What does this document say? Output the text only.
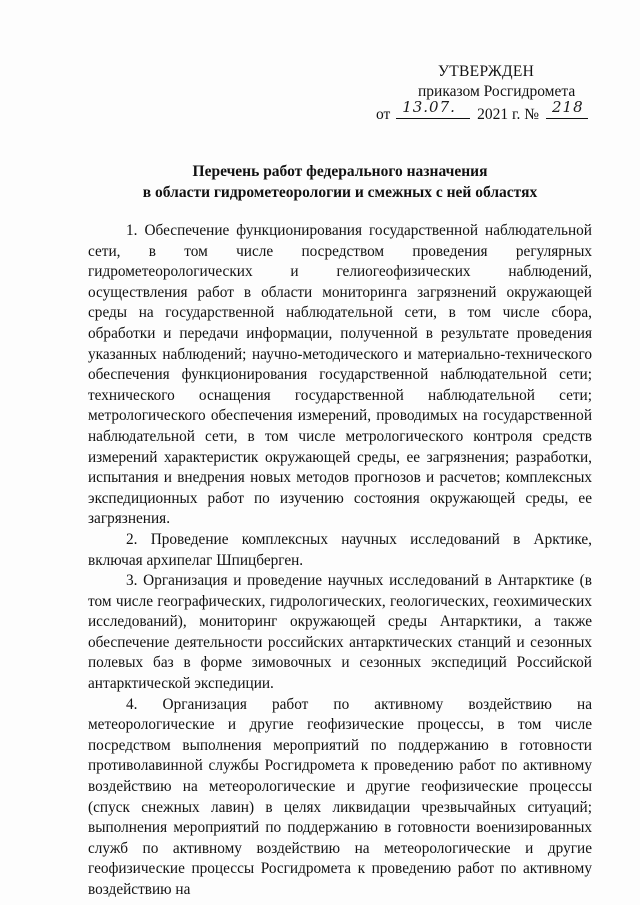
УТВЕРЖДЕН
приказом Росгидромета
от 13.07. 2021 г. № 218
Перечень работ федерального назначения
в области гидрометеорологии и смежных с ней областях

1. Обеспечение функционирования государственной наблюдательной сети, в том числе посредством проведения регулярных гидрометеорологических и гелиогеофизических наблюдений, осуществления работ в области мониторинга загрязнений окружающей среды на государственной наблюдательной сети, в том числе сбора, обработки и передачи информации, полученной в результате проведения указанных наблюдений; научно-методического и материально-технического обеспечения функционирования государственной наблюдательной сети; технического оснащения государственной наблюдательной сети; метрологического обеспечения измерений, проводимых на государственной наблюдательной сети, в том числе метрологического контроля средств измерений характеристик окружающей среды, ее загрязнения; разработки, испытания и внедрения новых методов прогнозов и расчетов; комплексных экспедиционных работ по изучению состояния окружающей среды, ее загрязнения.

2. Проведение комплексных научных исследований в Арктике, включая архипелаг Шпицберген.

3. Организация и проведение научных исследований в Антарктике (в том числе географических, гидрологических, геологических, геохимических исследований), мониторинг окружающей среды Антарктики, а также обеспечение деятельности российских антарктических станций и сезонных полевых баз в форме зимовочных и сезонных экспедиций Российской антарктической экспедиции.

4. Организация работ по активному воздействию на метеорологические и другие геофизические процессы, в том числе посредством выполнения мероприятий по поддержанию в готовности противолавинной службы Росгидромета к проведению работ по активному воздействию на метеорологические и другие геофизические процессы (спуск снежных лавин) в целях ликвидации чрезвычайных ситуаций; выполнения мероприятий по поддержанию в готовности военизированных служб по активному воздействию на метеорологические и другие геофизические процессы Росгидромета к проведению работ по активному воздействию на
